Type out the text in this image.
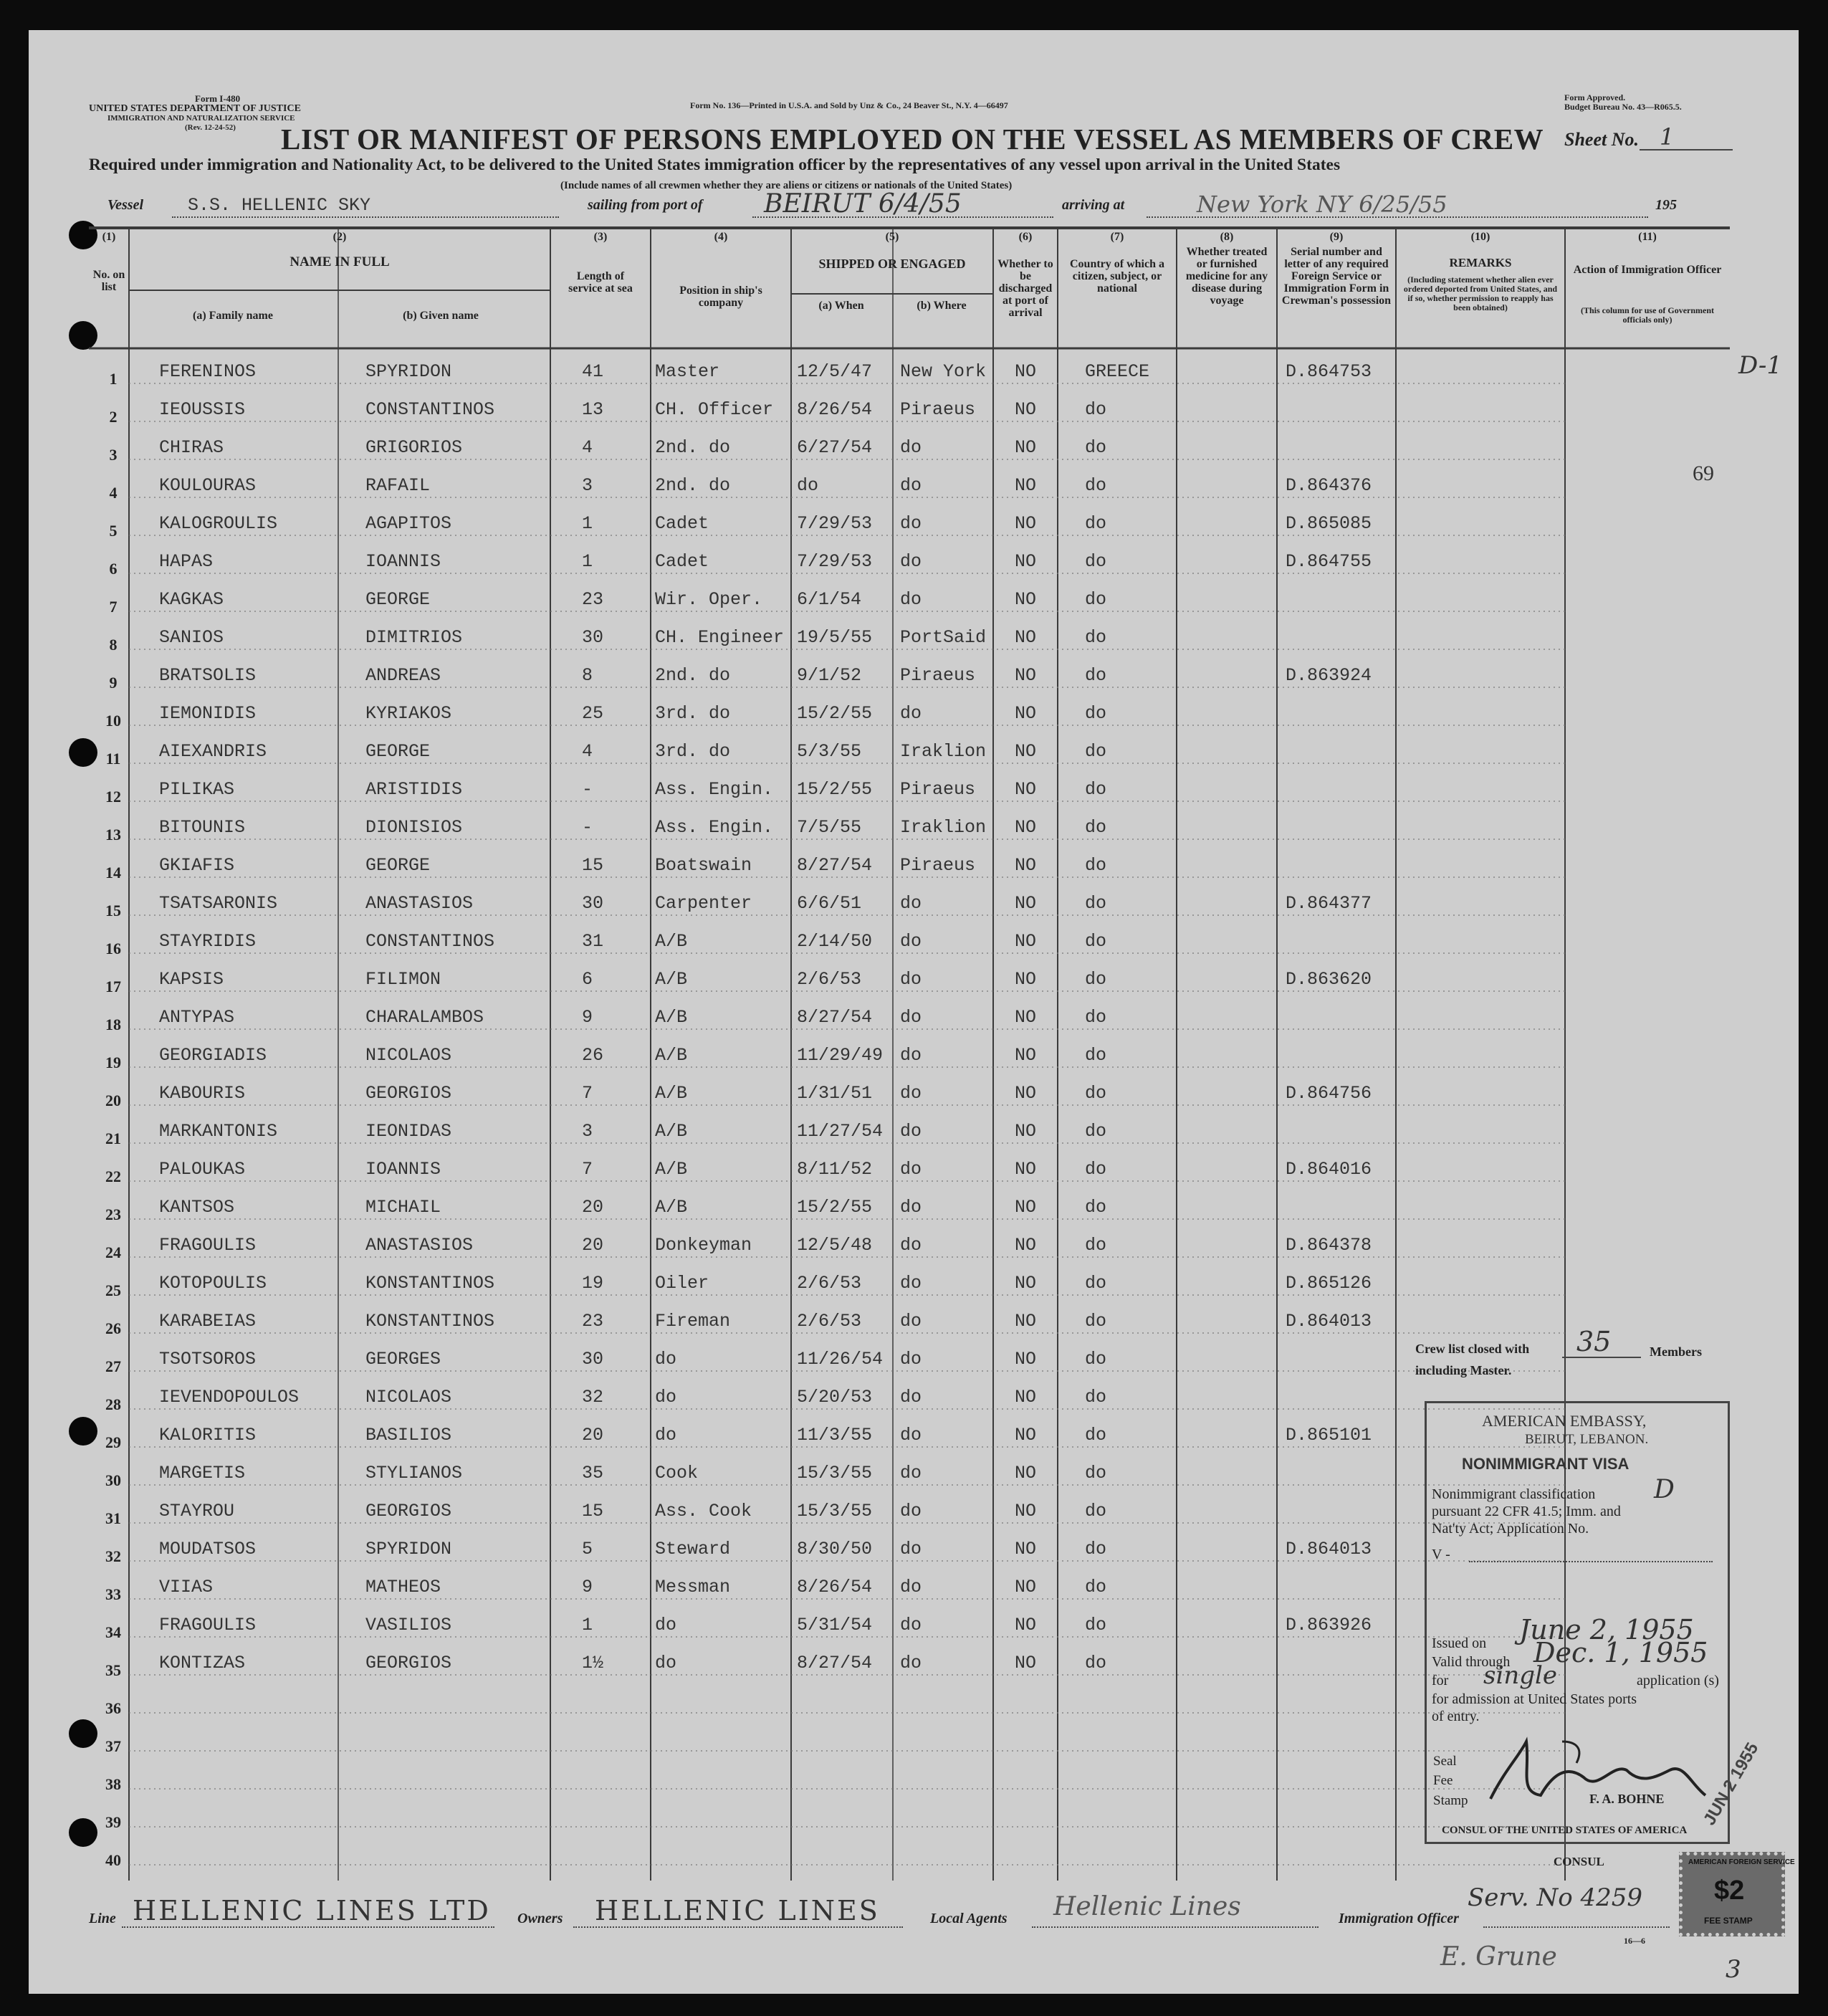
Form I-480
UNITED STATES DEPARTMENT OF JUSTICE
IMMIGRATION AND NATURALIZATION SERVICE
(Rev. 12-24-52)
Form No. 136—Printed in U.S.A. and Sold by Unz & Co., 24 Beaver St., N.Y. 4—66497
Form Approved.
Budget Bureau No. 43—R065.5.
LIST OR MANIFEST OF PERSONS EMPLOYED ON THE VESSEL AS MEMBERS OF CREW Sheet No. 1
Required under immigration and Nationality Act, to be delivered to the United States immigration officer by the representatives of any vessel upon arrival in the United States
(Include names of all crewmen whether they are aliens or citizens or nationals of the United States)
Vessel S.S. HELLENIC SKY	sailing from port of BEIRUT 6/4/55	arriving at	New York NY 6/25/55	195
(1)
No. on list
(2)
NAME IN FULL
(a) Family name	(b) Given name
(3)
Length of service at sea
(4)
Position in ship's company
(5)
SHIPPED OR ENGAGED
(a) When	(b) Where
(6)
Whether to be discharged at port of arrival
(7)
Country of which a citizen, subject, or national
(8)
Whether treated or furnished medicine for any disease during voyage
(9)
Serial number and letter of any required Foreign Service or Immigration Form in Crewman's possession
(10)
REMARKS
(Including statement whether alien ever ordered deported from United States, and if so, whether permission to reapply has been obtained)
(11)
Action of Immigration Officer
(This column for use of Government officials only)
1	FERENINOS	SPYRIDON	41	Master	12/5/47 New York NO	GREECE	D.864753
2	IEOUSSIS	CONSTANTINOS	13	CH. Officer 8/26/54 Piraeus NO	do
3	CHIRAS	GRIGORIOS	4	2nd. do	6/27/54 do	NO	do
4	KOULOURAS	RAFAIL	3	2nd. do	do	do	NO	do	D.864376
5	KALOGROULIS	AGAPITOS	1	Cadet	7/29/53 do	NO	do	D.865085
6	HAPAS	IOANNIS	1	Cadet	7/29/53 do	NO	do	D.864755
7	KAGKAS	GEORGE	23	Wir. Oper. 6/1/54 do	NO	do
8	SANIOS	DIMITRIOS	30	CH. Engineer 19/5/55 PortSaid NO	do
9	BRATSOLIS	ANDREAS	8	2nd. do	9/1/52 Piraeus NO	do	D.863924
10	IEMONIDIS	KYRIAKOS	25	3rd. do	15/2/55 do	NO	do
11	AIEXANDRIS	GEORGE	4	3rd. do	5/3/55 Iraklion NO	do
12	PILIKAS	ARISTIDIS	-	Ass. Engin. 15/2/55 Piraeus NO	do
13	BITOUNIS	DIONISIOS	-	Ass. Engin. 7/5/55 Iraklion NO	do
14	GKIAFIS	GEORGE	15	Boatswain	8/27/54 Piraeus NO	do
15	TSATSARONIS	ANASTASIOS	30	Carpenter	6/6/51 do	NO	do	D.864377
16	STAYRIDIS	CONSTANTINOS	31	A/B	2/14/50 do	NO	do
17	KAPSIS	FILIMON	6	A/B	2/6/53 do	NO	do	D.863620
18	ANTYPAS	CHARALAMBOS	9	A/B	8/27/54 do	NO	do
19	GEORGIADIS	NICOLAOS	26	A/B	11/29/49 do	NO	do
20	KABOURIS	GEORGIOS	7	A/B	1/31/51 do	NO	do	D.864756
21	MARKANTONIS	IEONIDAS	3	A/B	11/27/54 do	NO	do
22	PALOUKAS	IOANNIS	7	A/B	8/11/52 do	NO	do	D.864016
23	KANTSOS	MICHAIL	20	A/B	15/2/55 do	NO	do
24	FRAGOULIS	ANASTASIOS	20	Donkeyman	12/5/48 do	NO	do	D.864378
25	KOTOPOULIS	KONSTANTINOS	19	Oiler	2/6/53 do	NO	do	D.865126
26	KARABEIAS	KONSTANTINOS	23	Fireman	2/6/53 do	NO	do	D.864013
27	TSOTSOROS	GEORGES	30	do	11/26/54 do	NO	do
28	IEVENDOPOULOS	NICOLAOS	32	do	5/20/53 do	NO	do
29	KALORITIS	BASILIOS	20	do	11/3/55 do	NO	do	D.865101
30	MARGETIS	STYLIANOS	35	Cook	15/3/55 do	NO	do
31	STAYROU	GEORGIOS	15	Ass. Cook	15/3/55 do	NO	do
32	MOUDATSOS	SPYRIDON	5	Steward	8/30/50 do	NO	do	D.864013
33	VIIAS	MATHEOS	9	Messman	8/26/54 do	NO	do
34	FRAGOULIS	VASILIOS	1	do	5/31/54 do	NO	do	D.863926
35	KONTIZAS	GEORGIOS	1½	do	8/27/54 do	NO	do
36
37
38
39
40
D-1
69
Crew list closed with 35	Members
including Master.
AMERICAN EMBASSY,
BEIRUT, LEBANON.
NONIMMIGRANT VISA
Nonimmigrant classification D
pursuant 22 CFR 41.5; Imm. and
Nat'ty Act; Application No.
V -
Issued on June 2, 1955
Valid through Dec. 1, 1955
for single	application (s)
for admission at United States ports
of entry.
Seal
Fee
Stamp	F. A. BOHNE
CONSUL OF THE UNITED STATES OF AMERICA
CONSUL
JUN 2 1955
AMERICAN FOREIGN SERVICE
$2
FEE STAMP
Line HELLENIC LINES LTD Owners HELLENIC LINES	Local Agents Hellenic Lines	Immigration Officer
Serv. No 4259
E. Grune
16—6
3
